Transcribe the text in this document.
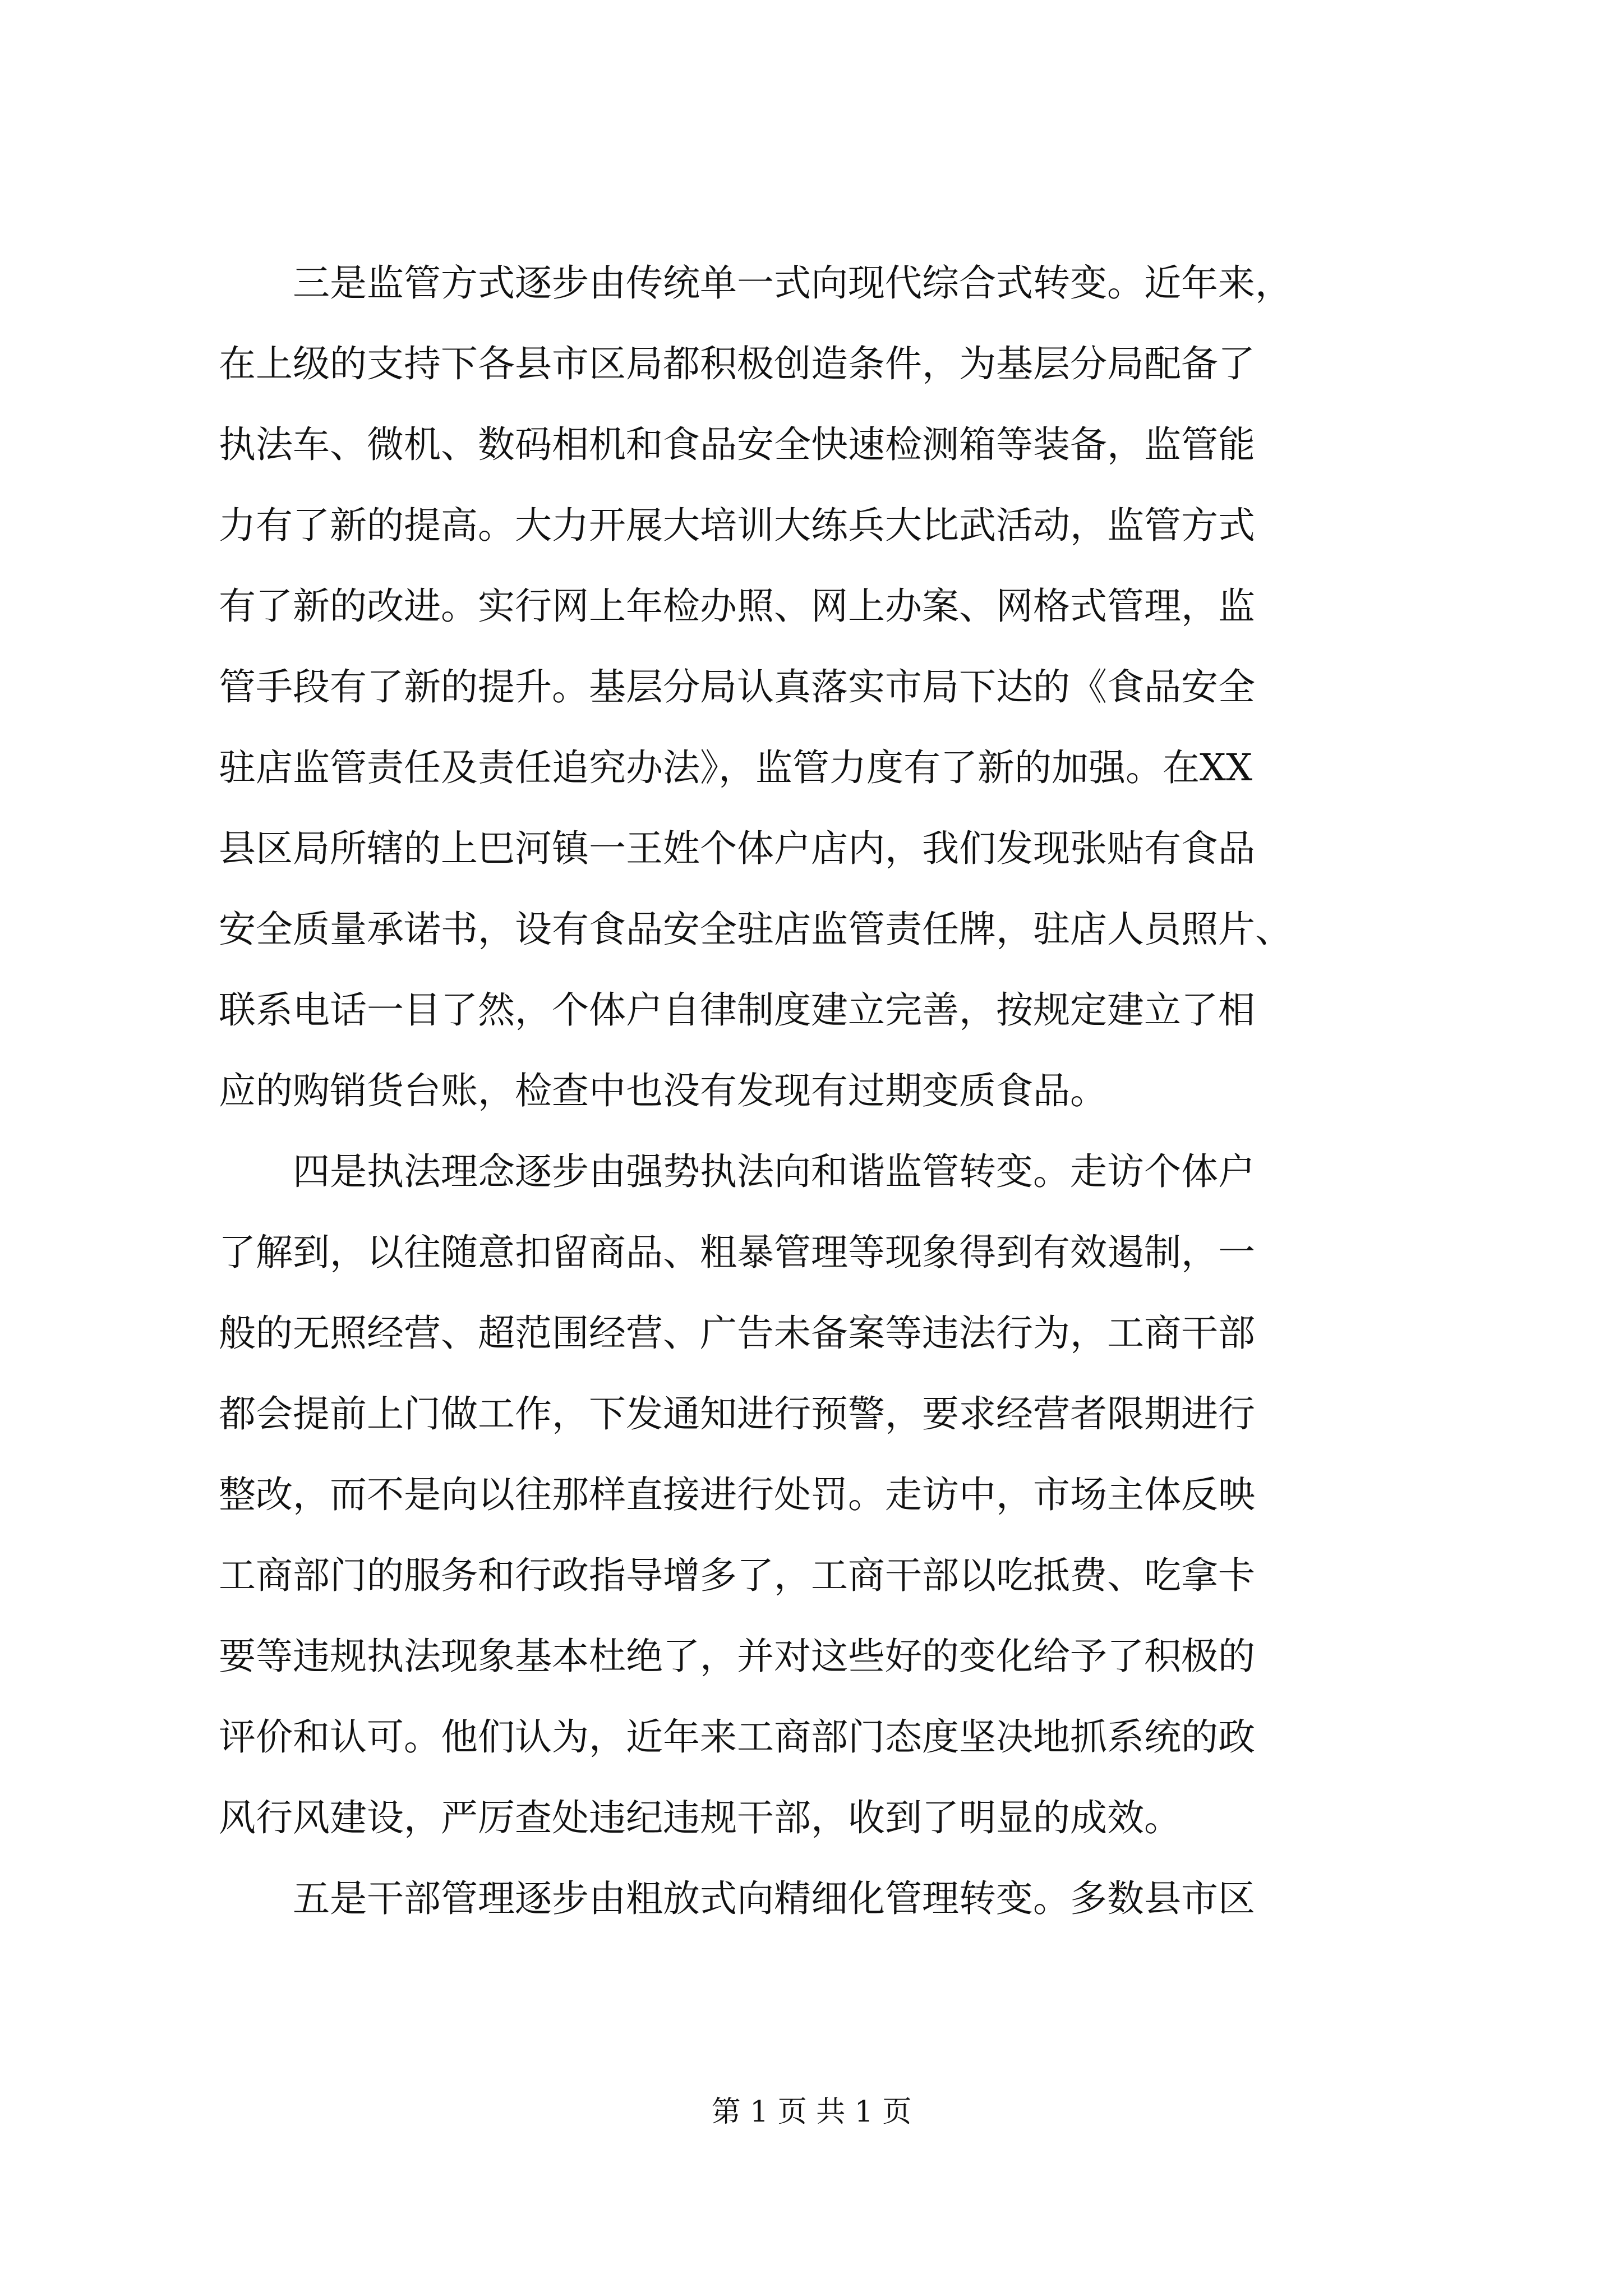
　　三是监管方式逐步由传统单一式向现代综合式转变。近年来，
在上级的支持下各县市区局都积极创造条件，为基层分局配备了
执法车、微机、数码相机和食品安全快速检测箱等装备，监管能
力有了新的提高。大力开展大培训大练兵大比武活动，监管方式
有了新的改进。实行网上年检办照、网上办案、网格式管理，监
管手段有了新的提升。基层分局认真落实市局下达的《食品安全
驻店监管责任及责任追究办法》，监管力度有了新的加强。在XX
县区局所辖的上巴河镇一王姓个体户店内，我们发现张贴有食品
安全质量承诺书，设有食品安全驻店监管责任牌，驻店人员照片、
联系电话一目了然，个体户自律制度建立完善，按规定建立了相
应的购销货台账，检查中也没有发现有过期变质食品。
　　四是执法理念逐步由强势执法向和谐监管转变。走访个体户
了解到，以往随意扣留商品、粗暴管理等现象得到有效遏制，一
般的无照经营、超范围经营、广告未备案等违法行为，工商干部
都会提前上门做工作，下发通知进行预警，要求经营者限期进行
整改，而不是向以往那样直接进行处罚。走访中，市场主体反映
工商部门的服务和行政指导增多了，工商干部以吃抵费、吃拿卡
要等违规执法现象基本杜绝了，并对这些好的变化给予了积极的
评价和认可。他们认为，近年来工商部门态度坚决地抓系统的政
风行风建设，严厉查处违纪违规干部，收到了明显的成效。
　　五是干部管理逐步由粗放式向精细化管理转变。多数县市区
第 1 页 共 1 页
